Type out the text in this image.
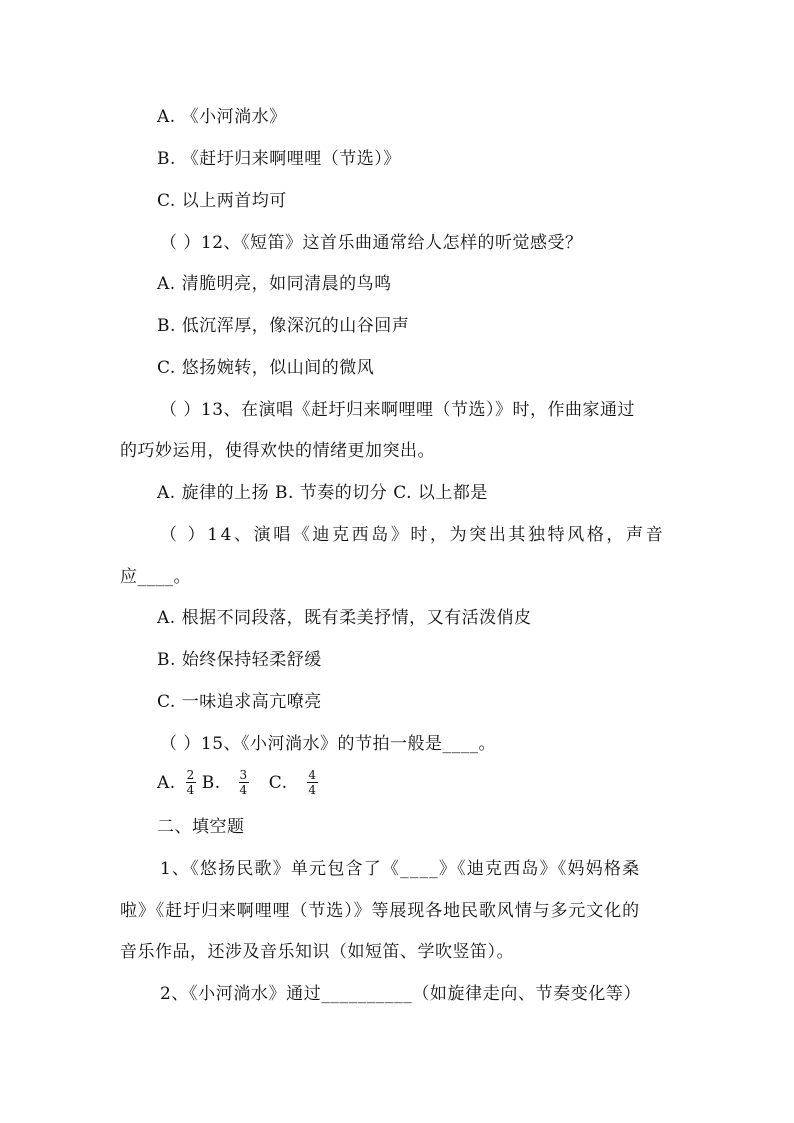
A. 《小河淌水》
B. 《赶圩归来啊哩哩（节选）》
C. 以上两首均可
（ ）12、《短笛》这首乐曲通常给人怎样的听觉感受？
A. 清脆明亮，如同清晨的鸟鸣
B. 低沉浑厚，像深沉的山谷回声
C. 悠扬婉转，似山间的微风
（ ）13、在演唱《赶圩归来啊哩哩（节选）》时，作曲家通过
的巧妙运用，使得欢快的情绪更加突出。
A. 旋律的上扬 B. 节奏的切分 C. 以上都是
（ ）14、演唱《迪克西岛》时，为突出其独特风格，声音
应____。
A. 根据不同段落，既有柔美抒情，又有活泼俏皮
B. 始终保持轻柔舒缓
C. 一味追求高亢嘹亮
（ ）15、《小河淌水》的节拍一般是____。
A. $\frac{2}{4} B$. $\frac{3}{4} C$. $\frac{4}{4}$
二、填空题
1、《悠扬民歌》单元包含了《____》《迪克西岛》《妈妈格桑
啦》《赶圩归来啊哩哩（节选）》等展现各地民歌风情与多元文化的
音乐作品，还涉及音乐知识（如短笛、学吹竖笛）。
2、《小河淌水》通过__________（如旋律走向、节奏变化等）
